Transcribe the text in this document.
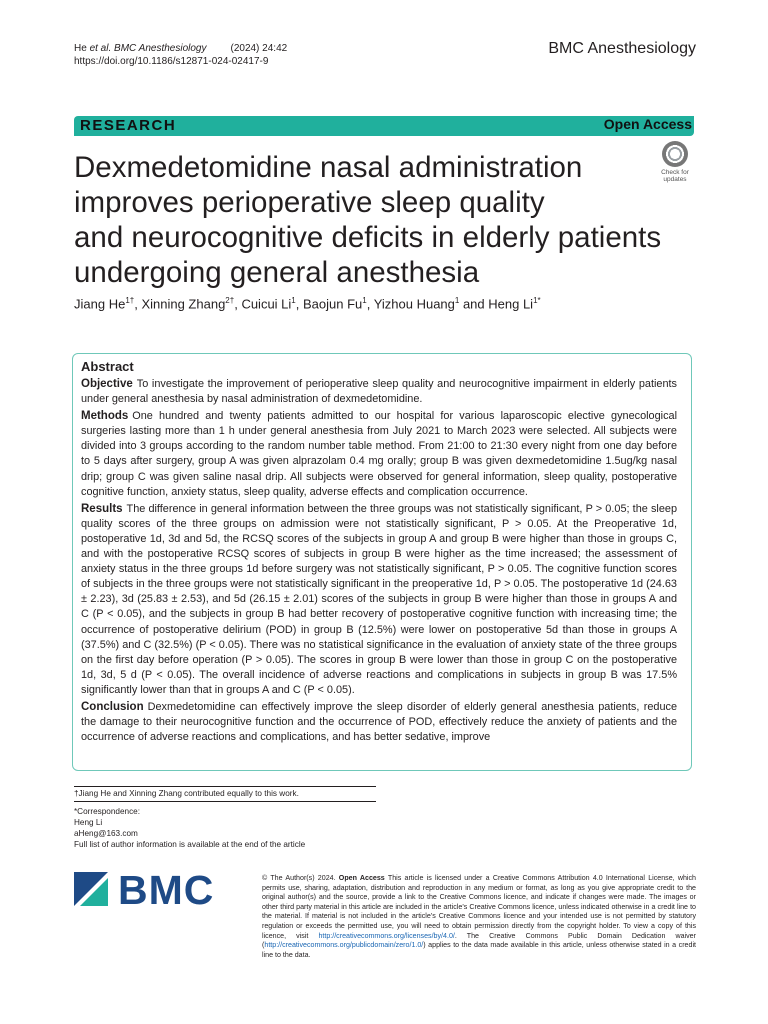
He et al. BMC Anesthesiology (2024) 24:42
https://doi.org/10.1186/s12871-024-02417-9
BMC Anesthesiology
RESEARCH	Open Access
Dexmedetomidine nasal administration
improves perioperative sleep quality
and neurocognitive deficits in elderly patients
undergoing general anesthesia
Check for
updates
Jiang $He^{1\dagger}$, Xinning Zhang$^{2\dagger}$, Cuicui Li$^1$, Baojun Fu$^1$, Yizhou Huang$^1$ and Heng $Li^{1*}$
Abstract

Objective To investigate the improvement of perioperative sleep quality and neurocognitive impairment in elderly patients under general anesthesia by nasal administration of dexmedetomidine.

Methods One hundred and twenty patients admitted to our hospital for various laparoscopic elective gynecological surgeries lasting more than 1 h under general anesthesia from July 2021 to March 2023 were selected. All subjects were divided into 3 groups according to the random number table method. From 21:00 to 21:30 every night from one day before to 5 days after surgery, group A was given alprazolam 0.4 mg orally; group B was given dexmedetomidine 1.5ug/kg nasal drip; group C was given saline nasal drip. All subjects were observed for general information, sleep quality, postoperative cognitive function, anxiety status, sleep quality, adverse effects and complication occurrence.

Results The difference in general information between the three groups was not statistically significant, P > 0.05; the sleep quality scores of the three groups on admission were not statistically significant, P > 0.05. At the Preoperative 1d, postoperative 1d, 3d and 5d, the RCSQ scores of the subjects in group A and group B were higher than those in groups C, and with the postoperative RCSQ scores of subjects in group B were higher as the time increased; the assessment of anxiety status in the three groups 1d before surgery was not statistically significant, P > 0.05. The cognitive function scores of subjects in the three groups were not statistically significant in the preoperative 1d, P > 0.05. The postoperative 1d (24.63 ± 2.23), 3d (25.83 ± 2.53), and 5d (26.15 ± 2.01) scores of the subjects in group B were higher than those in groups A and C (P < 0.05), and the subjects in group B had better recovery of postoperative cognitive function with increasing time; the occurrence of postoperative delirium (POD) in group B (12.5%) were lower on postoperative 5d than those in groups A (37.5%) and C (32.5%) (P < 0.05). There was no statistical significance in the evaluation of anxiety state of the three groups on the first day before operation (P > 0.05). The scores in group B were lower than those in group C on the postoperative 1d, 3d, 5 d (P < 0.05). The overall incidence of adverse reactions and complications in subjects in group B was 17.5% significantly lower than that in groups A and C (P < 0.05).

Conclusion Dexmedetomidine can effectively improve the sleep disorder of elderly general anesthesia patients, reduce the damage to their neurocognitive function and the occurrence of POD, effectively reduce the anxiety of patients and the occurrence of adverse reactions and complications, and has better sedative, improve

†Jiang He and Xinning Zhang contributed equally to this work.
*Correspondence:
Heng Li
aHeng@163.com
Full list of author information is available at the end of the article
BMC	© The Author(s) 2024. Open Access This article is licensed under a Creative Commons Attribution 4.0 International License, which permits use, sharing, adaptation, distribution and reproduction in any medium or format, as long as you give appropriate credit to the original author(s) and the source, provide a link to the Creative Commons licence, and indicate if changes were made. The images or other third party material in this article are included in the article’s Creative Commons licence, unless indicated otherwise in a credit line to the material. If material is not included in the article’s Creative Commons licence and your intended use is not permitted by statutory regulation or exceeds the permitted use, you will need to obtain permission directly from the copyright holder. To view a copy of this licence, visit http://creativecommons.org/licenses/by/4.0/. The Creative Commons Public Domain Dedication waiver (http://creativecommons.org/publicdomain/zero/1.0/) applies to the data made available in this article, unless otherwise stated in a credit line to the data.
